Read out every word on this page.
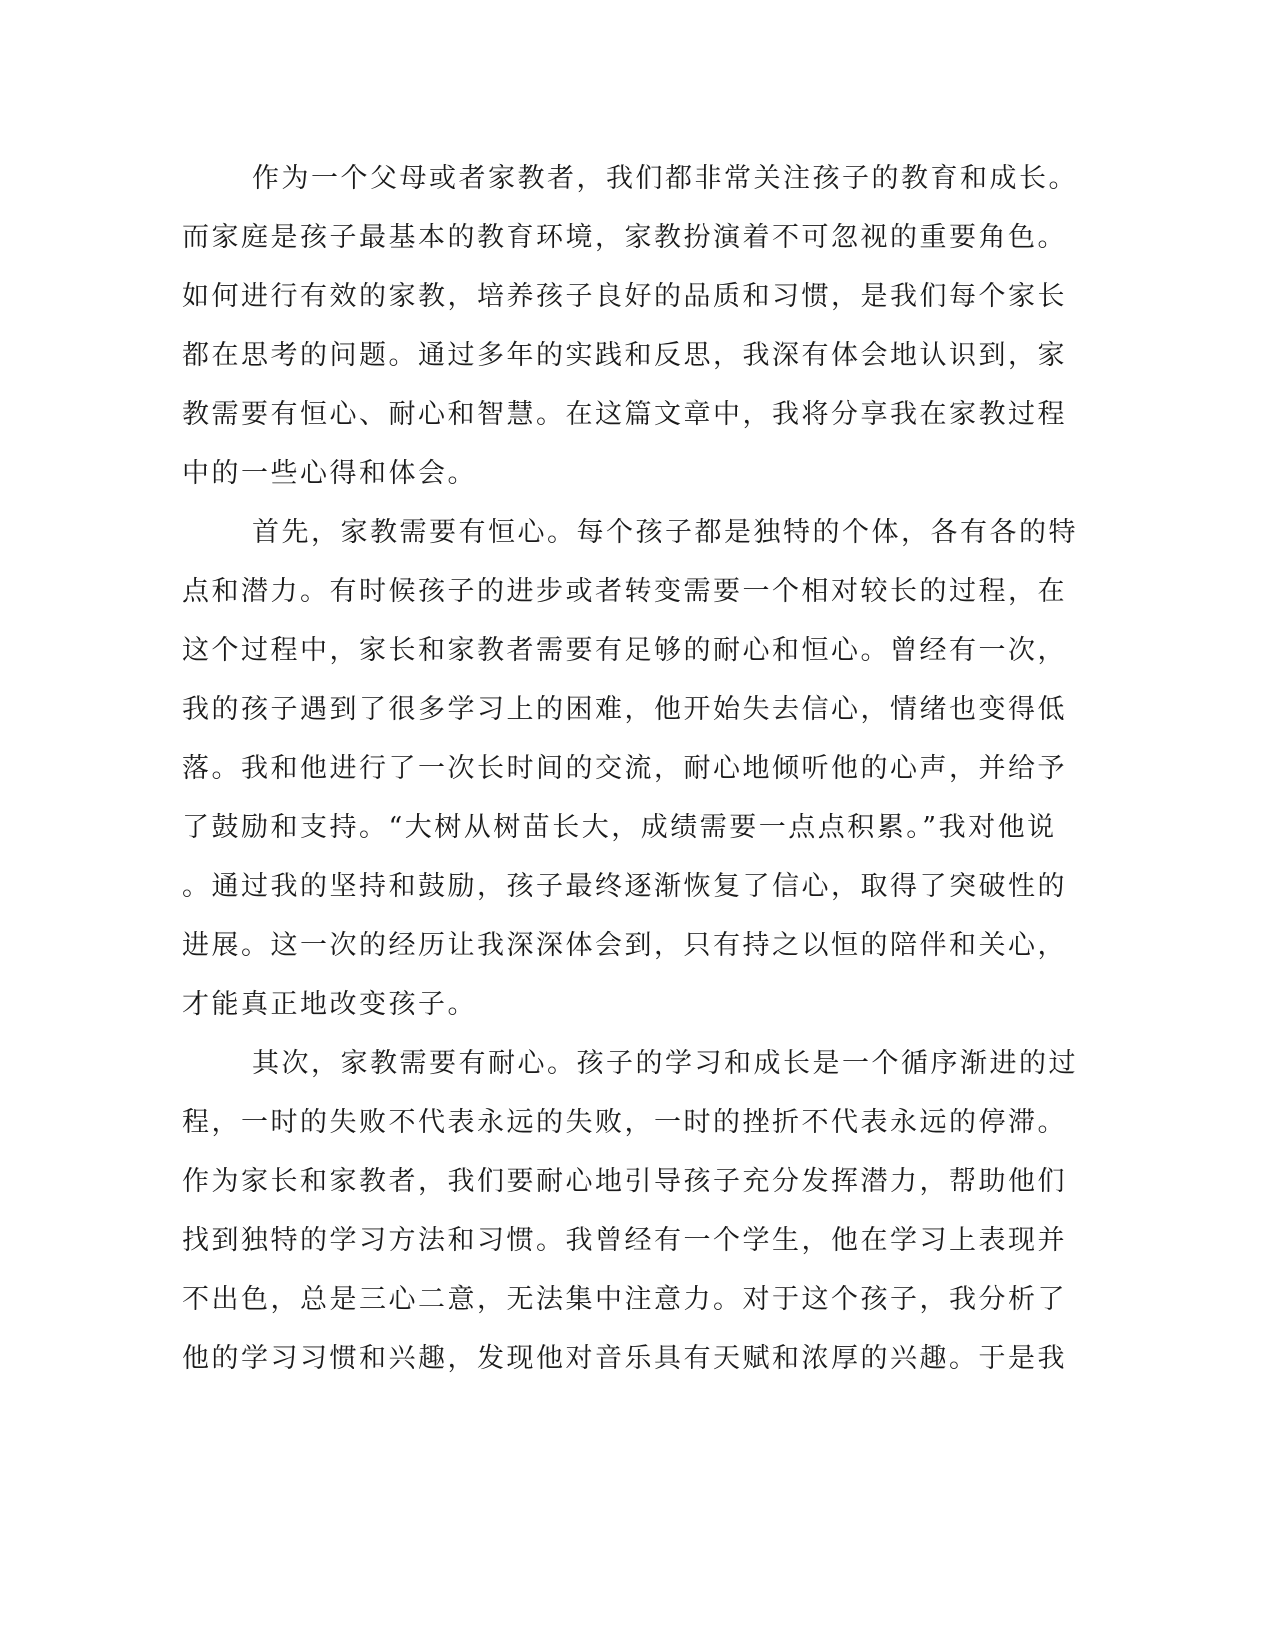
作为一个父母或者家教者，我们都非常关注孩子的教育和成长。
而家庭是孩子最基本的教育环境，家教扮演着不可忽视的重要角色。
如何进行有效的家教，培养孩子良好的品质和习惯，是我们每个家长
都在思考的问题。通过多年的实践和反思，我深有体会地认识到，家
教需要有恒心、耐心和智慧。在这篇文章中，我将分享我在家教过程
中的一些心得和体会。
首先，家教需要有恒心。每个孩子都是独特的个体，各有各的特
点和潜力。有时候孩子的进步或者转变需要一个相对较长的过程，在
这个过程中，家长和家教者需要有足够的耐心和恒心。曾经有一次，
我的孩子遇到了很多学习上的困难，他开始失去信心，情绪也变得低
落。我和他进行了一次长时间的交流，耐心地倾听他的心声，并给予
了鼓励和支持。“大树从树苗长大，成绩需要一点点积累。”我对他说
。通过我的坚持和鼓励，孩子最终逐渐恢复了信心，取得了突破性的
进展。这一次的经历让我深深体会到，只有持之以恒的陪伴和关心，
才能真正地改变孩子。
其次，家教需要有耐心。孩子的学习和成长是一个循序渐进的过
程，一时的失败不代表永远的失败，一时的挫折不代表永远的停滞。
作为家长和家教者，我们要耐心地引导孩子充分发挥潜力，帮助他们
找到独特的学习方法和习惯。我曾经有一个学生，他在学习上表现并
不出色，总是三心二意，无法集中注意力。对于这个孩子，我分析了
他的学习习惯和兴趣，发现他对音乐具有天赋和浓厚的兴趣。于是我
